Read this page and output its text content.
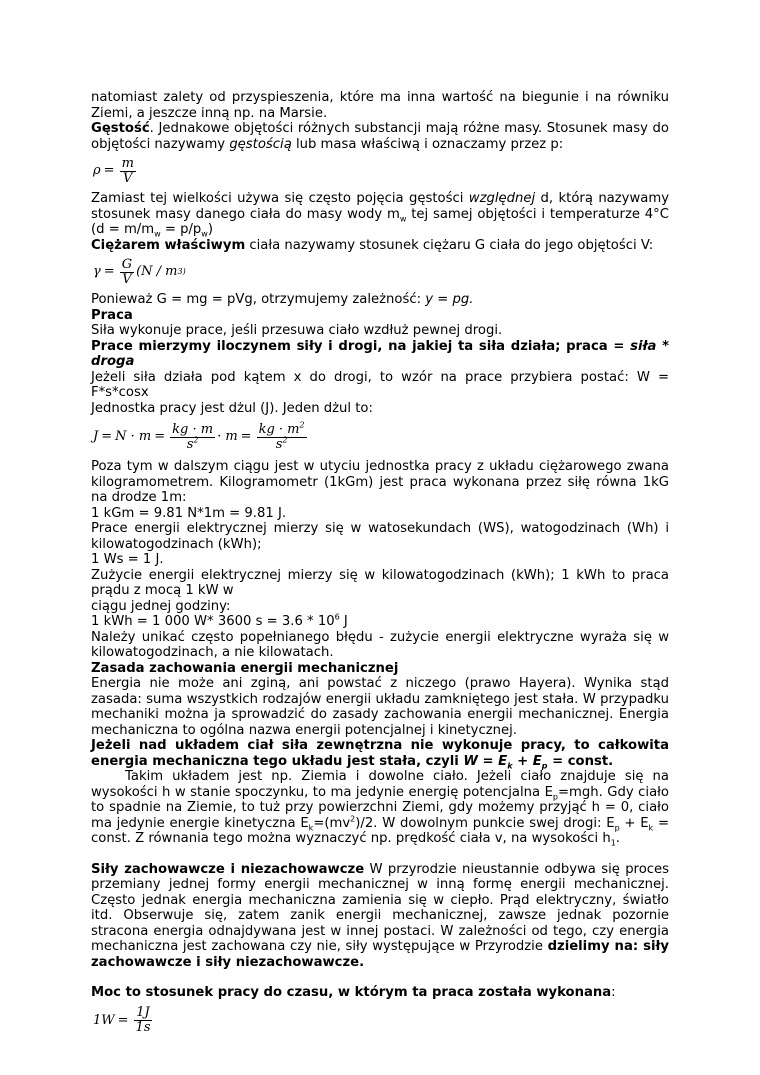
natomiast zalety od przyspieszenia, które ma inna wartość na biegunie i na równiku Ziemi, a jeszcze inną np. na Marsie.

Gęstość. Jednakowe objętości różnych substancji mają różne masy. Stosunek masy do objętości nazywamy gęstością lub masa właściwą i oznaczamy przez p:

$\rho = \frac{m}{V}$

Zamiast tej wielkości używa się często pojęcia gęstości względnej d, którą nazywamy stosunek masy danego ciała do masy wody $m_w$ tej samej objętości i temperaturze 4°C $(d = m/m_w = p/p_w)$

Ciężarem właściwym ciała nazywamy stosunek ciężaru G ciała do jego objętości V:

$\gamma = \frac{G}{V} (N / m$ 3)

Ponieważ G = mg = pVg, otrzymujemy zależność: y = pg.

Praca

Siła wykonuje prace, jeśli przesuwa ciało wzdłuż pewnej drogi.

Prace mierzymy iloczynem siły i drogi, na jakiej ta siła działa; praca = siła * droga

Jeżeli siła działa pod kątem x do drogi, to wzór na prace przybiera postać: W = F*s*cosx

Jednostka pracy jest dżul (J). Jeden dżul to:

$J = N \cdot m = \frac{kg \cdot m}{s^2} \cdot m = \frac{kg \cdot m^2}{s^2}$

Poza tym w dalszym ciągu jest w utyciu jednostka pracy z układu ciężarowego zwana kilogramometrem. Kilogramometr (1kGm) jest praca wykonana przez siłę równa 1kG na drodze 1m:

1 kGm = 9.81 N*1m = 9.81 J.

Prace energii elektrycznej mierzy się w watosekundach (WS), watogodzinach (Wh) i kilowatogodzinach (kWh);

1 Ws = 1 J.

Zużycie energii elektrycznej mierzy się w kilowatogodzinach (kWh); 1 kWh to praca prądu z mocą 1 kW w

ciągu jednej godziny:

1 kWh = 1 000 W* 3600 $s = 3.6 * 10^6$ J

Należy unikać często popełnianego błędu - zużycie energii elektryczne wyraża się w kilowatogodzinach, a nie kilowatach.

Zasada zachowania energii mechanicznej

Energia nie może ani zginą, ani powstać z niczego (prawo Hayera). Wynika stąd zasada: suma wszystkich rodzajów energii układu zamkniętego jest stała. W przypadku mechaniki można ja sprowadzić do zasady zachowania energii mechanicznej. Energia mechaniczna to ogólna nazwa energii potencjalnej i kinetycznej.

Jeżeli nad układem ciał siła zewnętrzna nie wykonuje pracy, to całkowita energia mechaniczna tego układu jest stała, czyli $W = E_k + E_p$ = const.

Takim układem jest np. Ziemia i dowolne ciało. Jeżeli ciało znajduje się na wysokości h w stanie spoczynku, to ma jedynie energię potencjalna $E_p=mgh$. Gdy ciało to spadnie na Ziemie, to tuż przy powierzchni Ziemi, gdy możemy przyjąć h = 0, ciało ma jedynie energie kinetyczna $E_k=(mv^2)/2$. W dowolnym punkcie swej drogi: $E_p + E_k$ = const. Z równania tego można wyznaczyć np. prędkość ciała v, na wysokości $h_1$.

Siły zachowawcze i niezachowawcze W przyrodzie nieustannie odbywa się proces przemiany jednej formy energii mechanicznej w inną formę energii mechanicznej. Często jednak energia mechaniczna zamienia się w ciepło. Prąd elektryczny, światło itd. Obserwuje się, zatem zanik energii mechanicznej, zawsze jednak pozornie stracona energia odnajdywana jest w innej postaci. W zależności od tego, czy energia mechaniczna jest zachowana czy nie, siły występujące w Przyrodzie dzielimy na: siły zachowawcze i siły niezachowawcze.

Moc to stosunek pracy do czasu, w którym ta praca została wykonana:

$1W = \frac{1J}{1s}$
